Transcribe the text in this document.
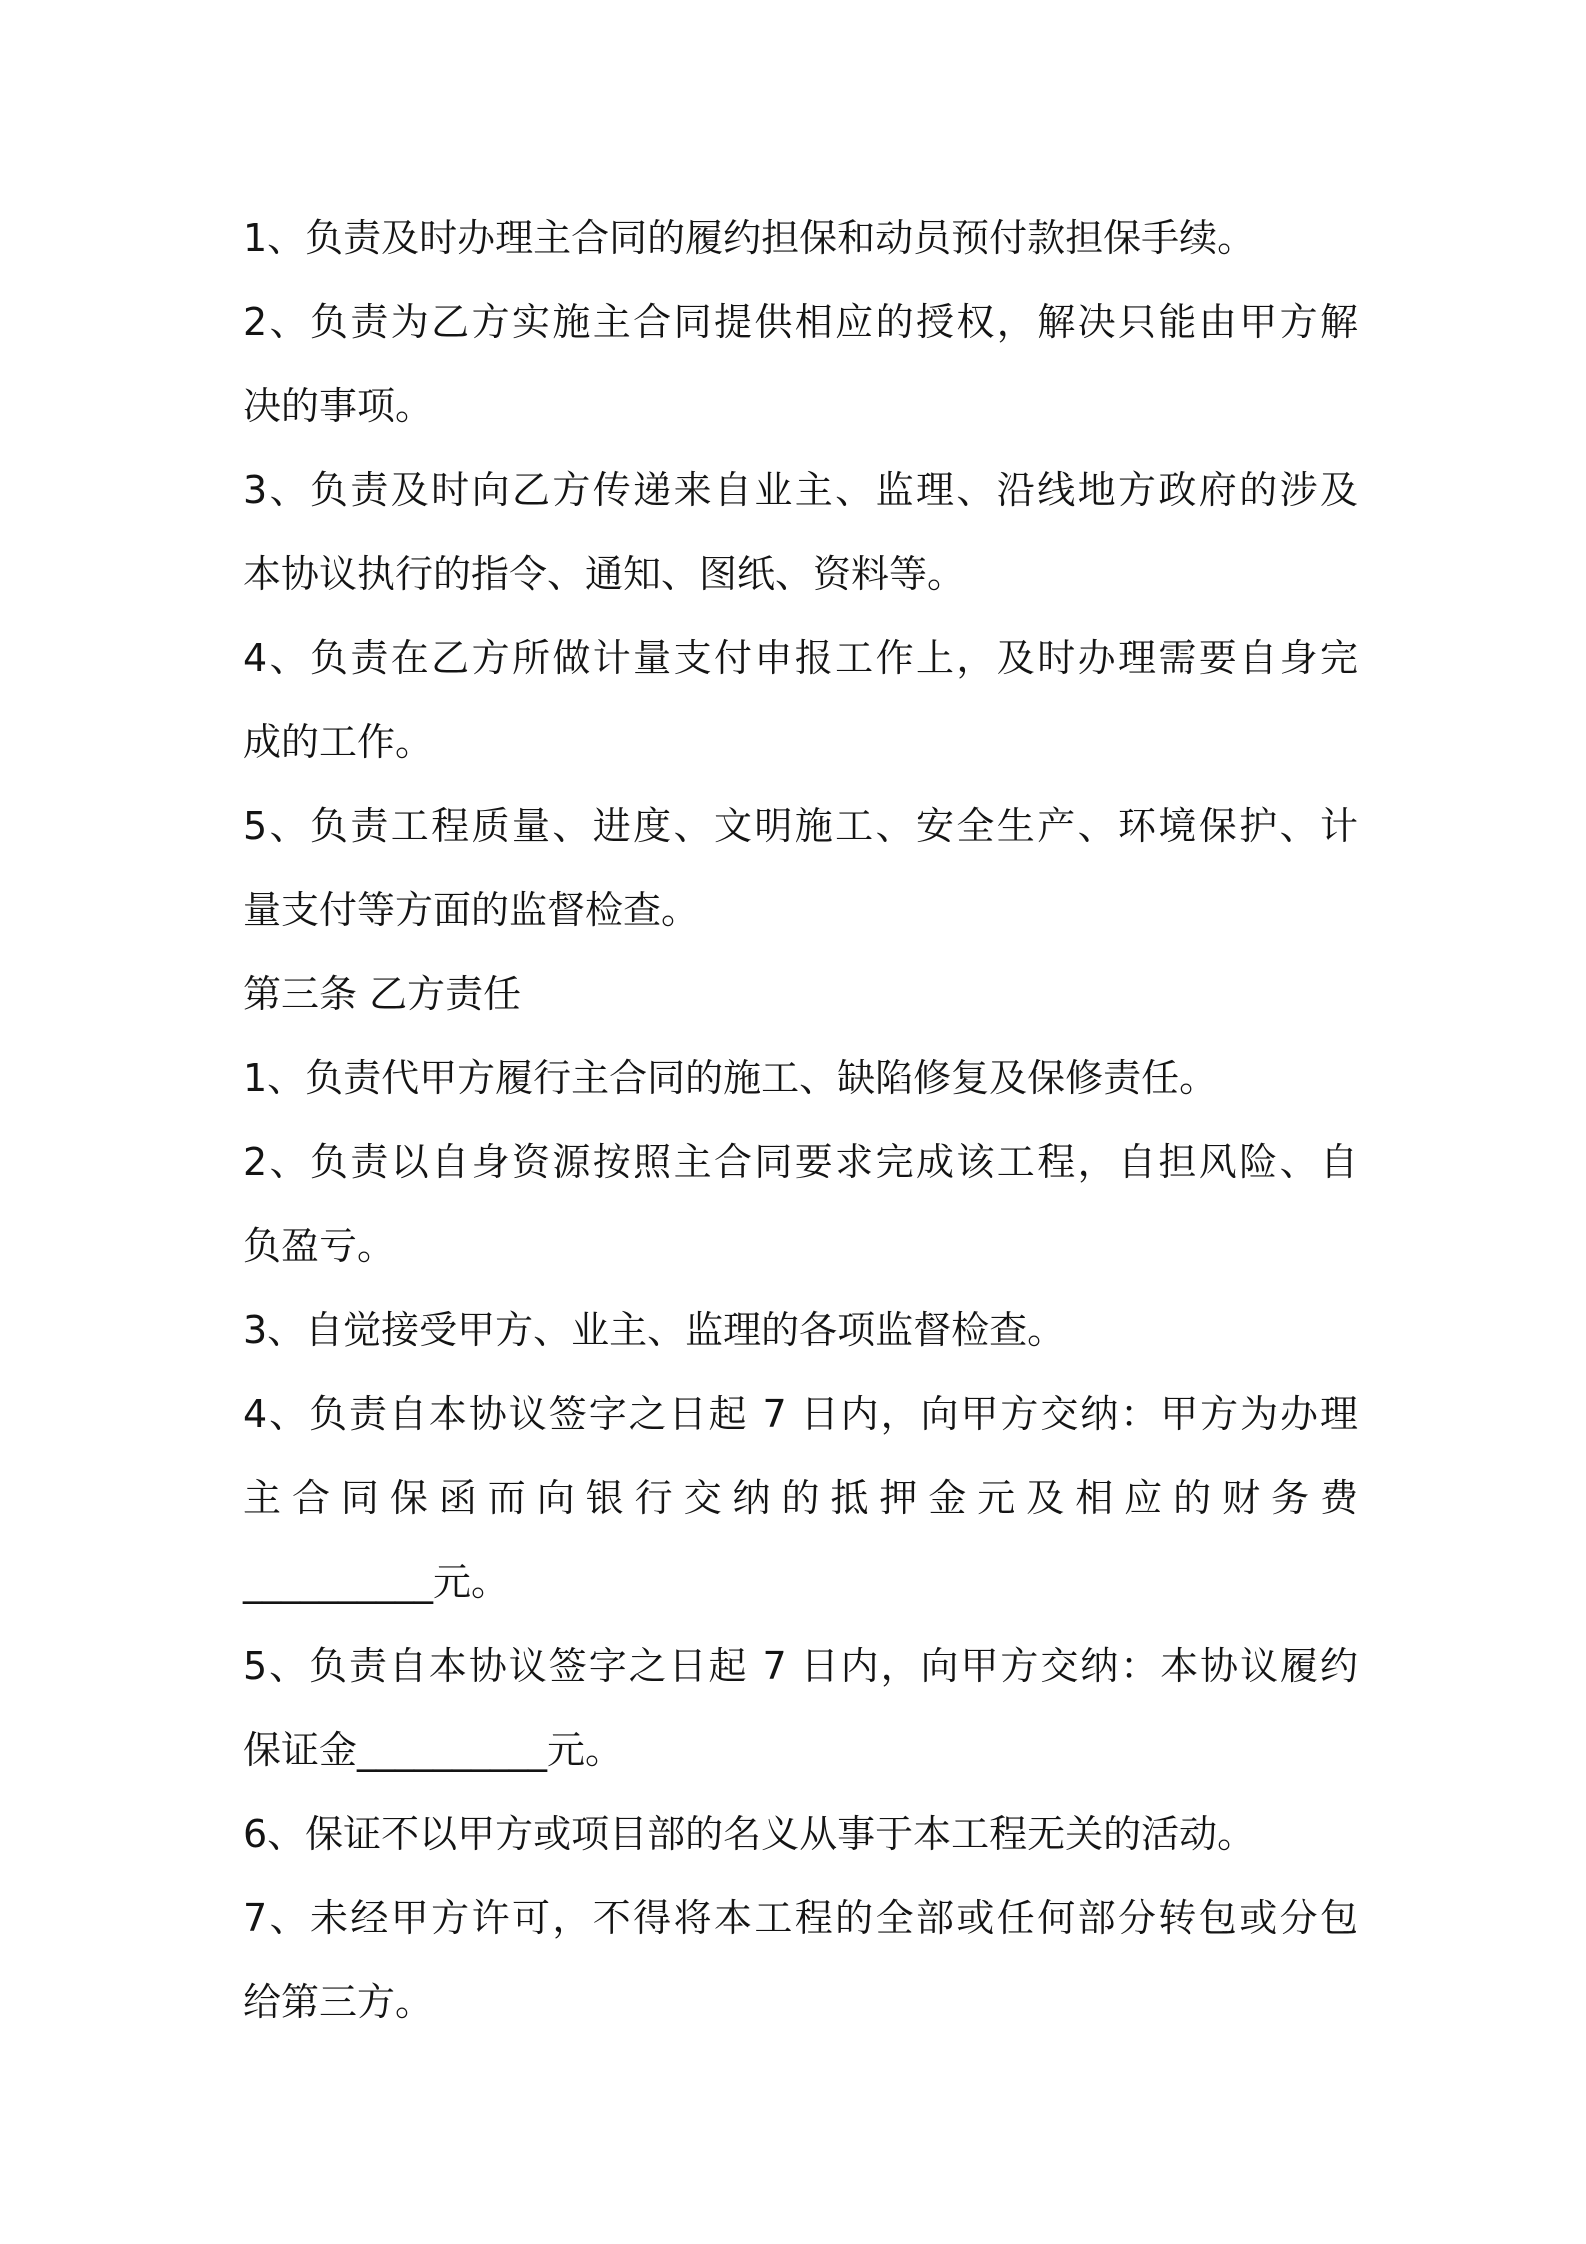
1、负责及时办理主合同的履约担保和动员预付款担保手续。

2、负责为乙方实施主合同提供相应的授权，解决只能由甲方解

决的事项。

3、负责及时向乙方传递来自业主、监理、沿线地方政府的涉及

本协议执行的指令、通知、图纸、资料等。

4、负责在乙方所做计量支付申报工作上，及时办理需要自身完

成的工作。

5、负责工程质量、进度、文明施工、安全生产、环境保护、计

量支付等方面的监督检查。

第三条 乙方责任

1、负责代甲方履行主合同的施工、缺陷修复及保修责任。

2、负责以自身资源按照主合同要求完成该工程，自担风险、自

负盈亏。

3、自觉接受甲方、业主、监理的各项监督检查。

4、负责自本协议签字之日起 7 日内，向甲方交纳：甲方为办理

主合同保函而向银行交纳的抵押金元及相应的财务费

__________元。

5、负责自本协议签字之日起 7 日内，向甲方交纳：本协议履约

保证金__________元。

6、保证不以甲方或项目部的名义从事于本工程无关的活动。

7、未经甲方许可，不得将本工程的全部或任何部分转包或分包

给第三方。
